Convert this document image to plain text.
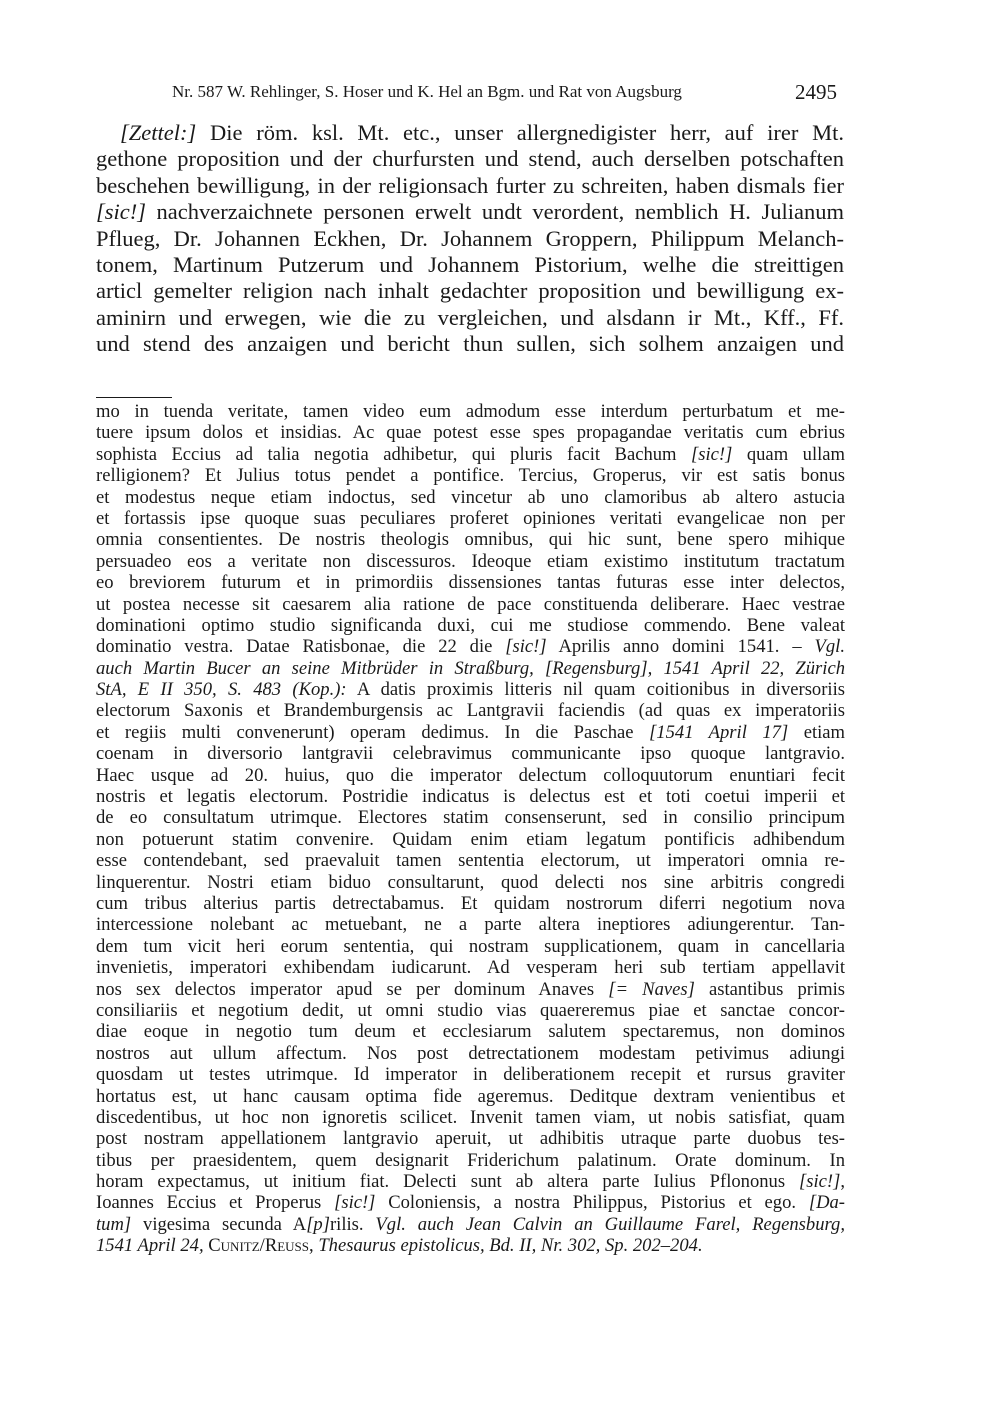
Nr. 587 W. Rehlinger, S. Hoser und K. Hel an Bgm. und Rat von Augsburg	2495
[Zettel:] Die röm. ksl. Mt. etc., unser allergnedigister herr, auf irer Mt.
gethone proposition und der churfursten und stend, auch derselben potschaften
beschehen bewilligung, in der religionsach furter zu schreiten, haben dismals fier
[sic!] nachverzaichnete personen erwelt undt verordent, nemblich H. Julianum
Pflueg, Dr. Johannen Eckhen, Dr. Johannem Groppern, Philippum Melanch-
tonem, Martinum Putzerum und Johannem Pistorium, welhe die streittigen
articl gemelter religion nach inhalt gedachter proposition und bewilligung ex-
aminirn und erwegen, wie die zu vergleichen, und alsdann ir Mt., Kff., Ff.
und stend des anzaigen und bericht thun sullen, sich solhem anzaigen und
mo in tuenda veritate, tamen video eum admodum esse interdum perturbatum et me-
tuere ipsum dolos et insidias. Ac quae potest esse spes propagandae veritatis cum ebrius
sophista Eccius ad talia negotia adhibetur, qui pluris facit Bachum [sic!] quam ullam
relligionem? Et Julius totus pendet a pontifice. Tercius, Groperus, vir est satis bonus
et modestus neque etiam indoctus, sed vincetur ab uno clamoribus ab altero astucia
et fortassis ipse quoque suas peculiares proferet opiniones veritati evangelicae non per
omnia consentientes. De nostris theologis omnibus, qui hic sunt, bene spero mihique
persuadeo eos a veritate non discessuros. Ideoque etiam existimo institutum tractatum
eo breviorem futurum et in primordiis dissensiones tantas futuras esse inter delectos,
ut postea necesse sit caesarem alia ratione de pace constituenda deliberare. Haec vestrae
dominationi optimo studio significanda duxi, cui me studiose commendo. Bene valeat
dominatio vestra. Datae Ratisbonae, die 22 die [sic!] Aprilis anno domini 1541. – Vgl.
auch Martin Bucer an seine Mitbrüder in Straßburg, [Regensburg], 1541 April 22, Zürich
StA, E II 350, S. 483 (Kop.): A datis proximis litteris nil quam coitionibus in diversoriis
electorum Saxonis et Brandemburgensis ac Lantgravii faciendis (ad quas ex imperatoriis
et regiis multi convenerunt) operam dedimus. In die Paschae [1541 April 17] etiam
coenam in diversorio lantgravii celebravimus communicante ipso quoque lantgravio.
Haec usque ad 20. huius, quo die imperator delectum colloquutorum enuntiari fecit
nostris et legatis electorum. Postridie indicatus is delectus est et toti coetui imperii et
de eo consultatum utrimque. Electores statim consenserunt, sed in consilio principum
non potuerunt statim convenire. Quidam enim etiam legatum pontificis adhibendum
esse contendebant, sed praevaluit tamen sententia electorum, ut imperatori omnia re-
linquerentur. Nostri etiam biduo consultarunt, quod delecti nos sine arbitris congredi
cum tribus alterius partis detrectabamus. Et quidam nostrorum diferri negotium nova
intercessione nolebant ac metuebant, ne a parte altera ineptiores adiungerentur. Tan-
dem tum vicit heri eorum sententia, qui nostram supplicationem, quam in cancellaria
invenietis, imperatori exhibendam iudicarunt. Ad vesperam heri sub tertiam appellavit
nos sex delectos imperator apud se per dominum Anaves [= Naves] astantibus primis
consiliariis et negotium dedit, ut omni studio vias quaereremus piae et sanctae concor-
diae eoque in negotio tum deum et ecclesiarum salutem spectaremus, non dominos
nostros aut ullum affectum. Nos post detrectationem modestam petivimus adiungi
quosdam ut testes utrimque. Id imperator in deliberationem recepit et rursus graviter
hortatus est, ut hanc causam optima fide ageremus. Deditque dextram venientibus et
discedentibus, ut hoc non ignoretis scilicet. Invenit tamen viam, ut nobis satisfiat, quam
post nostram appellationem lantgravio aperuit, ut adhibitis utraque parte duobus tes-
tibus per praesidentem, quem designarit Friderichum palatinum. Orate dominum. In
horam expectamus, ut initium fiat. Delecti sunt ab altera parte Iulius Pflononus [sic!],
Ioannes Eccius et Properus [sic!] Coloniensis, a nostra Philippus, Pistorius et ego. [Da-
tum] vigesima secunda A[p]rilis. Vgl. auch Jean Calvin an Guillaume Farel, Regensburg,
1541 April 24, Cunitz/Reuss, Thesaurus epistolicus, Bd. II, Nr. 302, Sp. 202–204.
